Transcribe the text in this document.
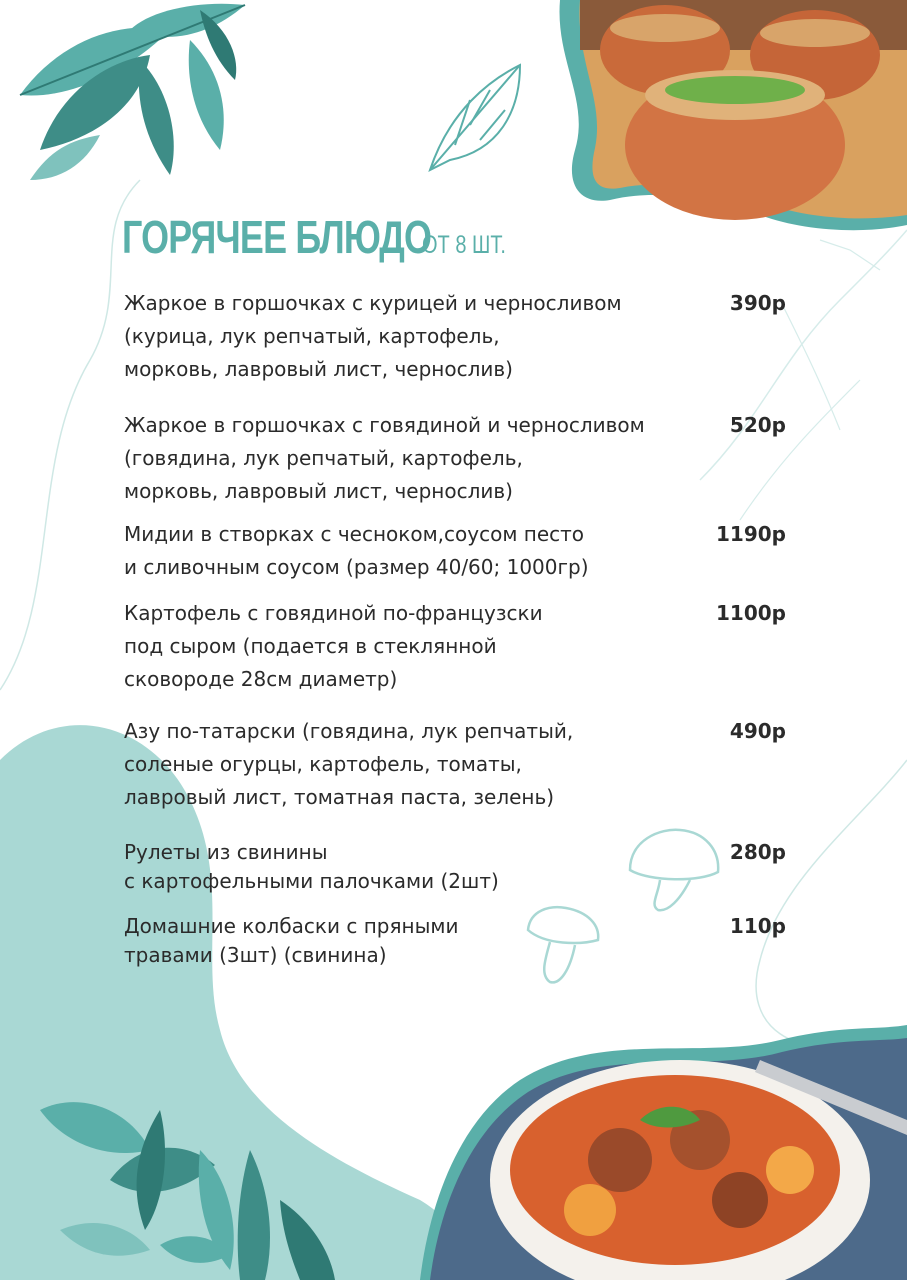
ГОРЯЧЕЕ БЛЮДО
ОТ 8 ШТ.
Жаркое в горшочках с курицей и черносливом
(курица, лук репчатый, картофель,
морковь, лавровый лист, чернослив)
390р
Жаркое в горшочках с говядиной и черносливом
(говядина, лук репчатый, картофель,
морковь, лавровый лист, чернослив)
520р
Мидии в створках с чесноком,соусом песто
и сливочным соусом (размер 40/60; 1000гр)
1190р
Картофель с говядиной по-французски
под сыром (подается в стеклянной
сковороде 28см диаметр)
1100р
Азу по-татарски (говядина, лук репчатый,
соленые огурцы, картофель, томаты,
лавровый лист, томатная паста, зелень)
490р
Рулеты из свинины
с картофельными палочками (2шт)
280р
Домашние колбаски с пряными
травами (3шт) (свинина)
110р
